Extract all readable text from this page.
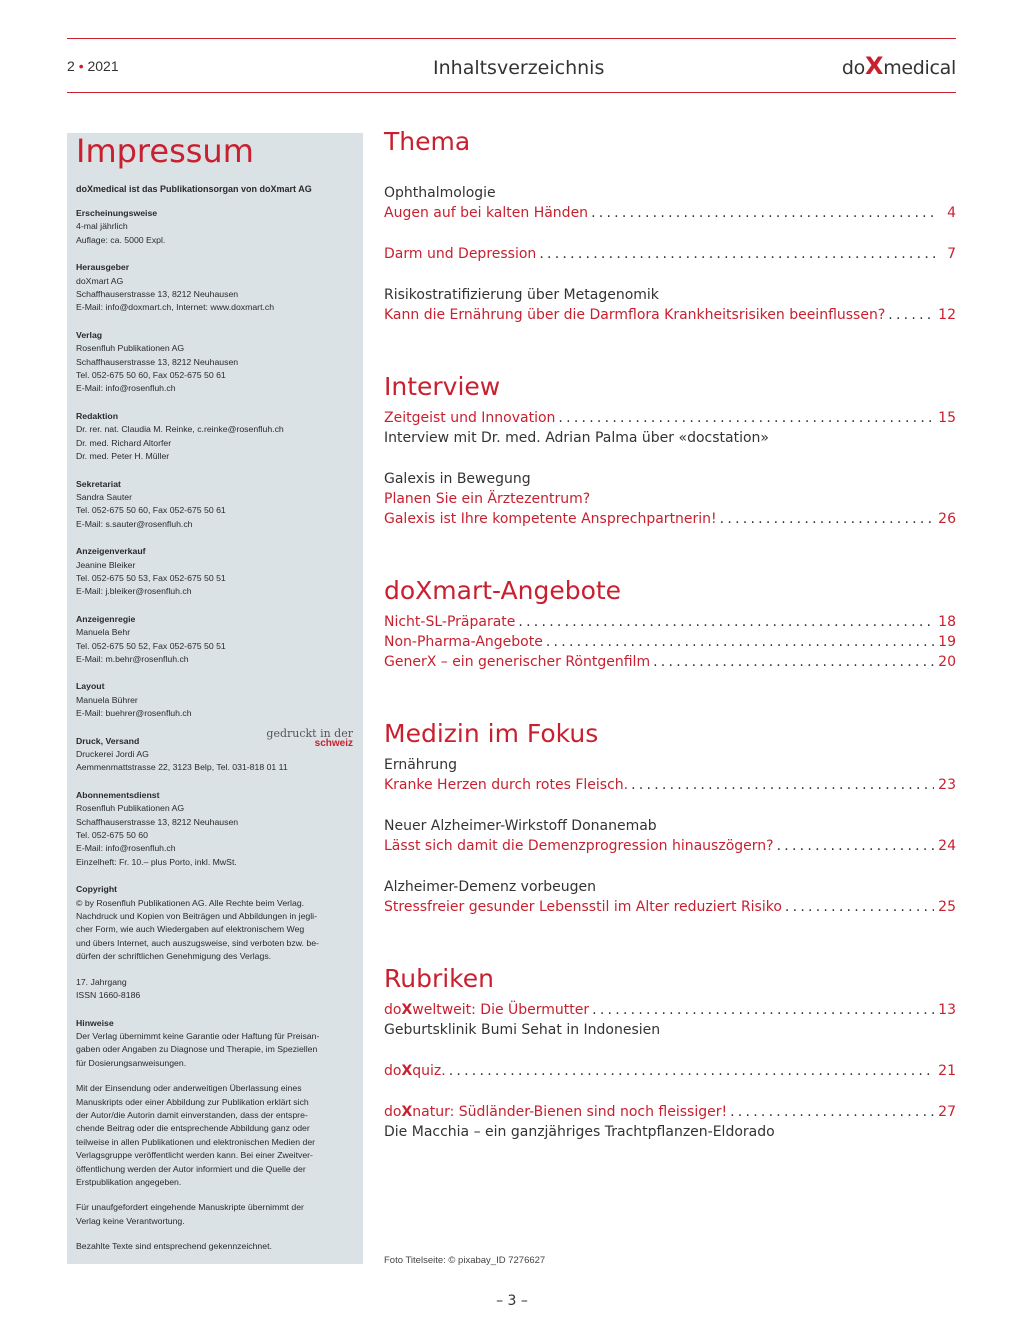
2 • 2021	Inhaltsverzeichnis	doXmedical
Impressum
doXmedical ist das Publikationsorgan von doXmart AG
Erscheinungsweise
4-mal jährlich
Auflage: ca. 5000 Expl.
Herausgeber
doXmart AG
Schaffhauserstrasse 13, 8212 Neuhausen
E-Mail: info@doxmart.ch, Internet: www.doxmart.ch
Verlag
Rosenfluh Publikationen AG
Schaffhauserstrasse 13, 8212 Neuhausen
Tel. 052-675 50 60, Fax 052-675 50 61
E-Mail: info@rosenfluh.ch
Redaktion
Dr. rer. nat. Claudia M. Reinke, c.reinke@rosenfluh.ch
Dr. med. Richard Altorfer
Dr. med. Peter H. Müller
Sekretariat
Sandra Sauter
Tel. 052-675 50 60, Fax 052-675 50 61
E-Mail: s.sauter@rosenfluh.ch
Anzeigenverkauf
Jeanine Bleiker
Tel. 052-675 50 53, Fax 052-675 50 51
E-Mail: j.bleiker@rosenfluh.ch
Anzeigenregie
Manuela Behr
Tel. 052-675 50 52, Fax 052-675 50 51
E-Mail: m.behr@rosenfluh.ch
Layout
Manuela Bührer
E-Mail: buehrer@rosenfluh.ch
gedruckt in der
schweiz
Druck, Versand
Druckerei Jordi AG
Aemmenmattstrasse 22, 3123 Belp, Tel. 031-818 01 11
Abonnementsdienst
Rosenfluh Publikationen AG
Schaffhauserstrasse 13, 8212 Neuhausen
Tel. 052-675 50 60
E-Mail: info@rosenfluh.ch
Einzelheft: Fr. 10.– plus Porto, inkl. MwSt.
Copyright
© by Rosenfluh Publikationen AG. Alle Rechte beim Verlag.
Nachdruck und Kopien von Beiträgen und Abbildungen in jegli-
cher Form, wie auch Wiedergaben auf elektronischem Weg
und übers Internet, auch auszugsweise, sind verboten bzw. be-
dürfen der schriftlichen Genehmigung des Verlags.
17. Jahrgang
ISSN 1660-8186
Hinweise
Der Verlag übernimmt keine Garantie oder Haftung für Preisan-
gaben oder Angaben zu Diagnose und Therapie, im Speziellen
für Dosierungsanweisungen.
Mit der Einsendung oder anderweitigen Überlassung eines
Manuskripts oder einer Abbildung zur Publikation erklärt sich
der Autor/die Autorin damit einverstanden, dass der entspre-
chende Beitrag oder die entsprechende Abbildung ganz oder
teilweise in allen Publikationen und elektronischen Medien der
Verlagsgruppe veröffentlicht werden kann. Bei einer Zweitver-
öffentlichung werden der Autor informiert und die Quelle der
Erstpublikation angegeben.
Für unaufgefordert eingehende Manuskripte übernimmt der
Verlag keine Verantwortung.
Bezahlte Texte sind entsprechend gekennzeichnet.
Thema
Ophthalmologie
Augen auf bei kalten Händen . . .	4
Darm und Depression . . .	7
Risikostratifizierung über Metagenomik
Kann die Ernährung über die Darmflora Krankheitsrisiken beeinflussen? . . .	12
Interview
Zeitgeist und Innovation . . .	15
Interview mit Dr. med. Adrian Palma über «docstation»
Galexis in Bewegung
Planen Sie ein Ärztezentrum?
Galexis ist Ihre kompetente Ansprechpartnerin! . . .	26
doXmart-Angebote
Nicht-SL-Präparate . . .	18
Non-Pharma-Angebote . . .	19
GenerX – ein generischer Röntgenfilm . . .	20
Medizin im Fokus
Ernährung
Kranke Herzen durch rotes Fleisch. . . .	23
Neuer Alzheimer-Wirkstoff Donanemab
Lässt sich damit die Demenzprogression hinauszögern? . . .	24
Alzheimer-Demenz vorbeugen
Stressfreier gesunder Lebensstil im Alter reduziert Risiko . . .	25
Rubriken
doXweltweit: Die Übermutter . . .	13
Geburtsklinik Bumi Sehat in Indonesien
doXquiz. . . .	21
doXnatur: Südländer-Bienen sind noch fleissiger! . . .	27
Die Macchia – ein ganzjähriges Trachtpflanzen-Eldorado
Foto Titelseite: © pixabay_ID 7276627
– 3 –
